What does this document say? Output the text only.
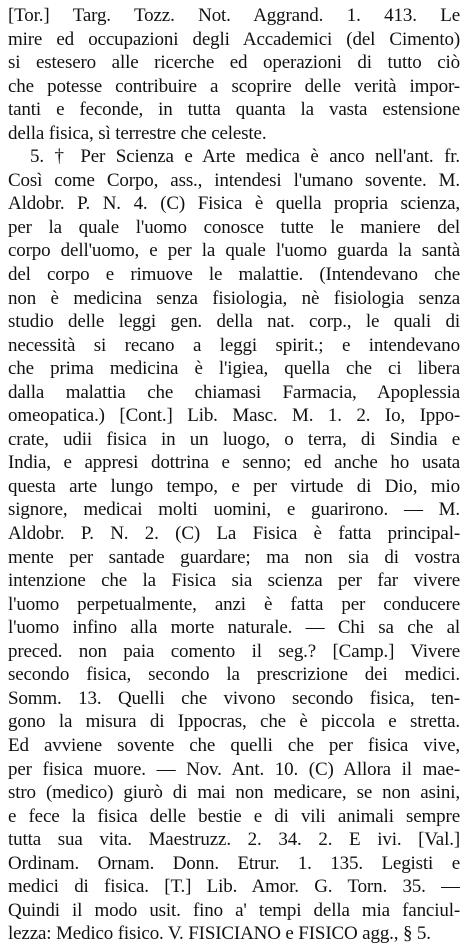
[Tor.] Targ. Tozz. Not. Aggrand. 1. 413. Le
mire ed occupazioni degli Accademici (del Cimento)
si estesero alle ricerche ed operazioni di tutto ciò
che potesse contribuire a scoprire delle verità impor-
tanti e feconde, in tutta quanta la vasta estensione
della fisica, sì terrestre che celeste.
5. † Per Scienza e Arte medica è anco nell'ant. fr.
Così come Corpo, ass., intendesi l'umano sovente. M.
Aldobr. P. N. 4. (C) Fisica è quella propria scienza,
per la quale l'uomo conosce tutte le maniere del
corpo dell'uomo, e per la quale l'uomo guarda la santà
del corpo e rimuove le malattie. (Intendevano che
non è medicina senza fisiologia, nè fisiologia senza
studio delle leggi gen. della nat. corp., le quali di
necessità si recano a leggi spirit.; e intendevano
che prima medicina è l'igiea, quella che ci libera
dalla malattia che chiamasi Farmacia, Apoplessia
omeopatica.) [Cont.] Lib. Masc. M. 1. 2. Io, Ippo-
crate, udii fisica in un luogo, o terra, di Sindia e
India, e appresi dottrina e senno; ed anche ho usata
questa arte lungo tempo, e per virtude di Dio, mio
signore, medicai molti uomini, e guarirono. — M.
Aldobr. P. N. 2. (C) La Fisica è fatta principal-
mente per santade guardare; ma non sia di vostra
intenzione che la Fisica sia scienza per far vivere
l'uomo perpetualmente, anzi è fatta per conducere
l'uomo infino alla morte naturale. — Chi sa che al
preced. non paia comento il seg.? [Camp.] Vivere
secondo fisica, secondo la prescrizione dei medici.
Somm. 13. Quelli che vivono secondo fisica, ten-
gono la misura di Ippocras, che è piccola e stretta.
Ed avviene sovente che quelli che per fisica vive,
per fisica muore. — Nov. Ant. 10. (C) Allora il mae-
stro (medico) giurò di mai non medicare, se non asini,
e fece la fisica delle bestie e di vili animali sempre
tutta sua vita. Maestruzz. 2. 34. 2. E ivi. [Val.]
Ordinam. Ornam. Donn. Etrur. 1. 135. Legisti e
medici di fisica. [T.] Lib. Amor. G. Torn. 35. —
Quindi il modo usit. fino a' tempi della mia fanciul-
lezza: Medico fisico. V. FISICIANO e FISICO agg., § 5.
